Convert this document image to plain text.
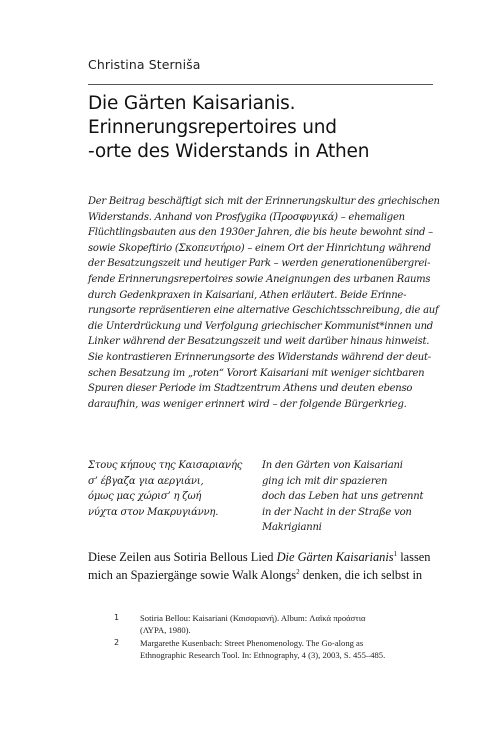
Christina Sterniša
Die Gärten Kaisarianis.
Erinnerungsrepertoires und
-orte des Widerstands in Athen
Der Beitrag beschäftigt sich mit der Erinnerungskultur des griechischen
Widerstands. Anhand von Prosfygika (Προσφυγικά) – ehemaligen
Flüchtlingsbauten aus den 1930er Jahren, die bis heute bewohnt sind –
sowie Skopeftirio (Σκοπευτήριο) – einem Ort der Hinrichtung während
der Besatzungszeit und heutiger Park – werden generationenübergrei-
fende Erinnerungsrepertoires sowie Aneignungen des urbanen Raums
durch Gedenkpraxen in Kaisariani, Athen erläutert. Beide Erinne-
rungsorte repräsentieren eine alternative Geschichtsschreibung, die auf
die Unterdrückung und Verfolgung griechischer Kommunist*innen und
Linker während der Besatzungszeit und weit darüber hinaus hinweist.
Sie kontrastieren Erinnerungsorte des Widerstands während der deut-
schen Besatzung im „roten“ Vorort Kaisariani mit weniger sichtbaren
Spuren dieser Periode im Stadtzentrum Athens und deuten ebenso
daraufhin, was weniger erinnert wird – der folgende Bürgerkrieg.
Στους κήπους της Καισαριανής
σ’ έβγαζα για αεργιάνι,
όμως μας χώρισ’ η ζωή
νύχτα στον Μακρυγιάννη.
In den Gärten von Kaisariani
ging ich mit dir spazieren
doch das Leben hat uns getrennt
in der Nacht in der Straße von
Makrigianni
Diese Zeilen aus Sotiria Bellous Lied Die Gärten Kaisarianis$^1$ lassen
mich an Spaziergänge sowie Walk Alongs$^2$ denken, die ich selbst in
1 Sotiria Bellou: Kaisariani (Καισαριανή). Album: Λαϊκά προάστια
(ΛΥΡΑ, 1980).
2 Margarethe Kusenbach: Street Phenomenology. The Go-along as
Ethnographic Research Tool. In: Ethnography, 4 (3), 2003, S. 455–485.
